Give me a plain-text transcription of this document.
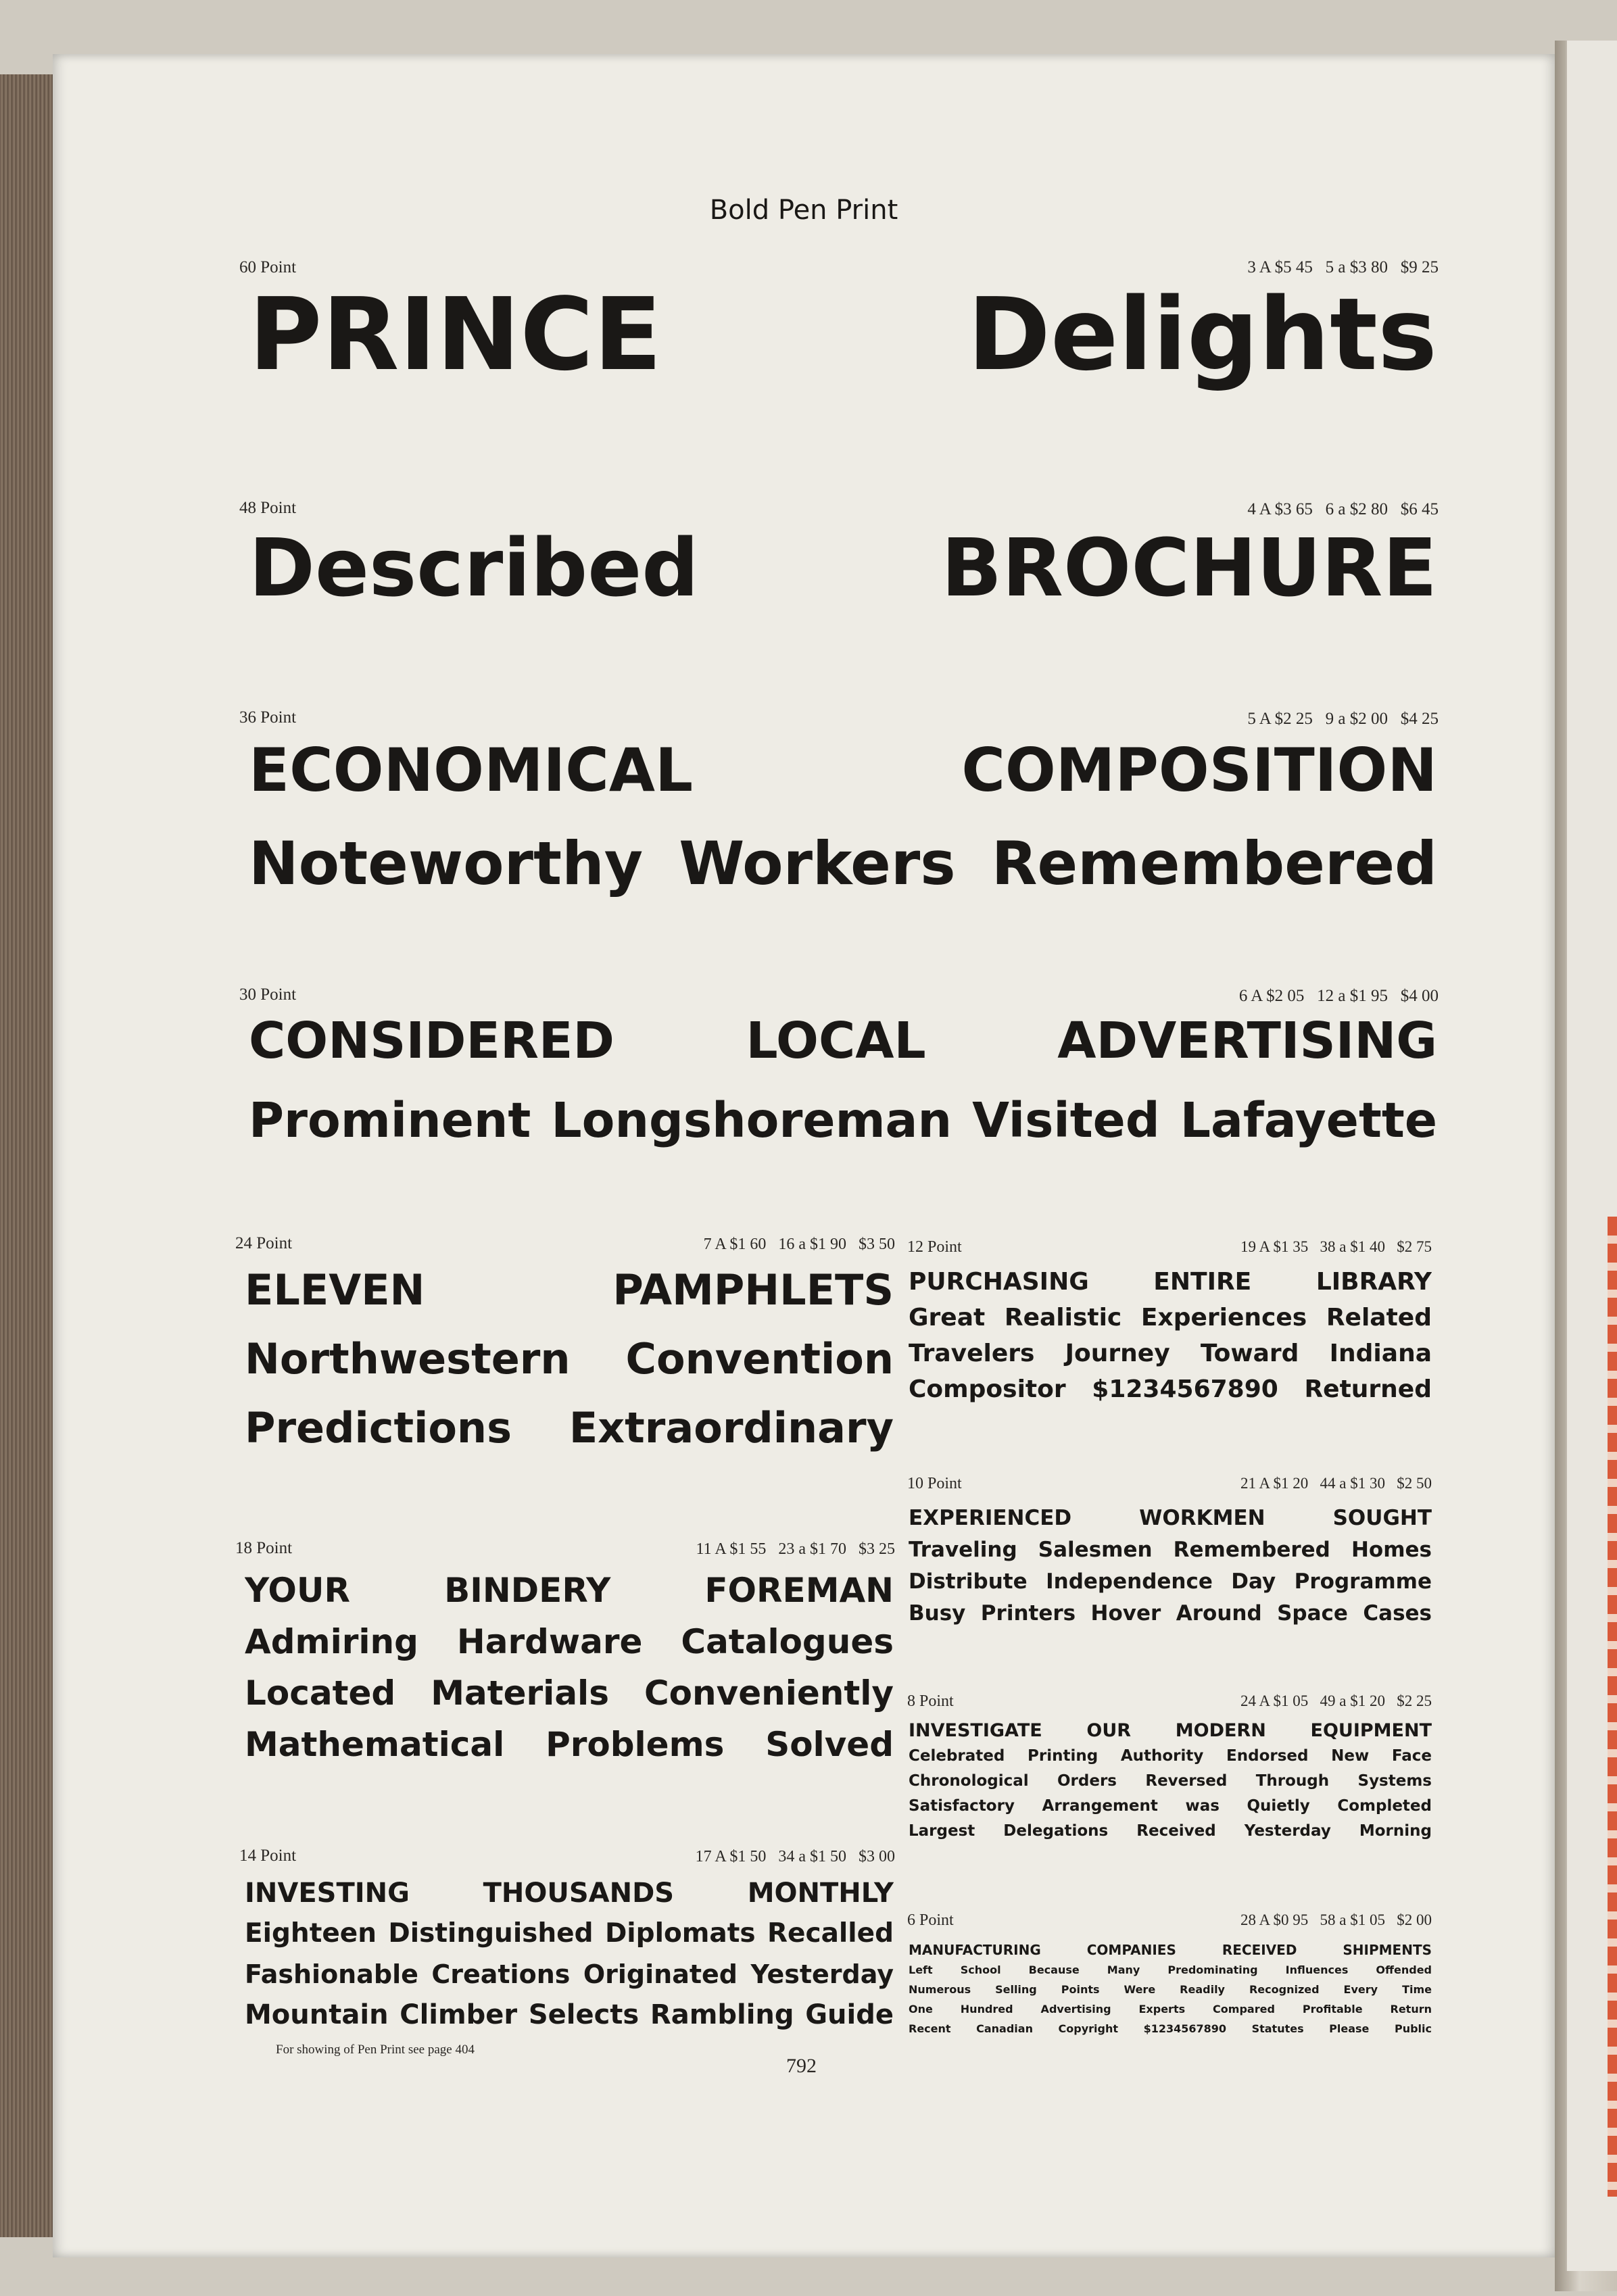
Bold Pen Print
60 Point	3 A $5 45   5 a $3 80   $9 25
PRINCE Delights
48 Point	4 A $3 65   6 a $2 80   $6 45
Described BROCHURE
36 Point	5 A $2 25   9 a $2 00   $4 25
ECONOMICAL COMPOSITION
Noteworthy Workers Remembered
30 Point	6 A $2 05   12 a $1 95   $4 00
CONSIDERED LOCAL ADVERTISING
Prominent Longshoreman Visited Lafayette
24 Point	7 A $1 60   16 a $1 90   $3 50
ELEVEN PAMPHLETS
Northwestern Convention
Predictions Extraordinary
18 Point	11 A $1 55   23 a $1 70   $3 25
YOUR BINDERY FOREMAN
Admiring Hardware Catalogues
Located Materials Conveniently
Mathematical Problems Solved
14 Point	17 A $1 50   34 a $1 50   $3 00
INVESTING THOUSANDS MONTHLY
Eighteen Distinguished Diplomats Recalled
Fashionable Creations Originated Yesterday
Mountain Climber Selects Rambling Guide
12 Point	19 A $1 35   38 a $1 40   $2 75
PURCHASING ENTIRE LIBRARY
Great Realistic Experiences Related
Travelers Journey Toward Indiana
Compositor $1234567890 Returned
10 Point	21 A $1 20   44 a $1 30   $2 50
EXPERIENCED WORKMEN SOUGHT
Traveling Salesmen Remembered Homes
Distribute Independence Day Programme
Busy Printers Hover Around Space Cases
8 Point	24 A $1 05   49 a $1 20   $2 25
INVESTIGATE OUR MODERN EQUIPMENT
Celebrated Printing Authority Endorsed New Face
Chronological Orders Reversed Through Systems
Satisfactory Arrangement was Quietly Completed
Largest Delegations Received Yesterday Morning
6 Point	28 A $0 95   58 a $1 05   $2 00
MANUFACTURING COMPANIES RECEIVED SHIPMENTS
Left School Because Many Predominating Influences Offended
Numerous Selling Points Were Readily Recognized Every Time
One Hundred Advertising Experts Compared Profitable Return
Recent Canadian Copyright $1234567890 Statutes Please Public
For showing of Pen Print see page 404
792
